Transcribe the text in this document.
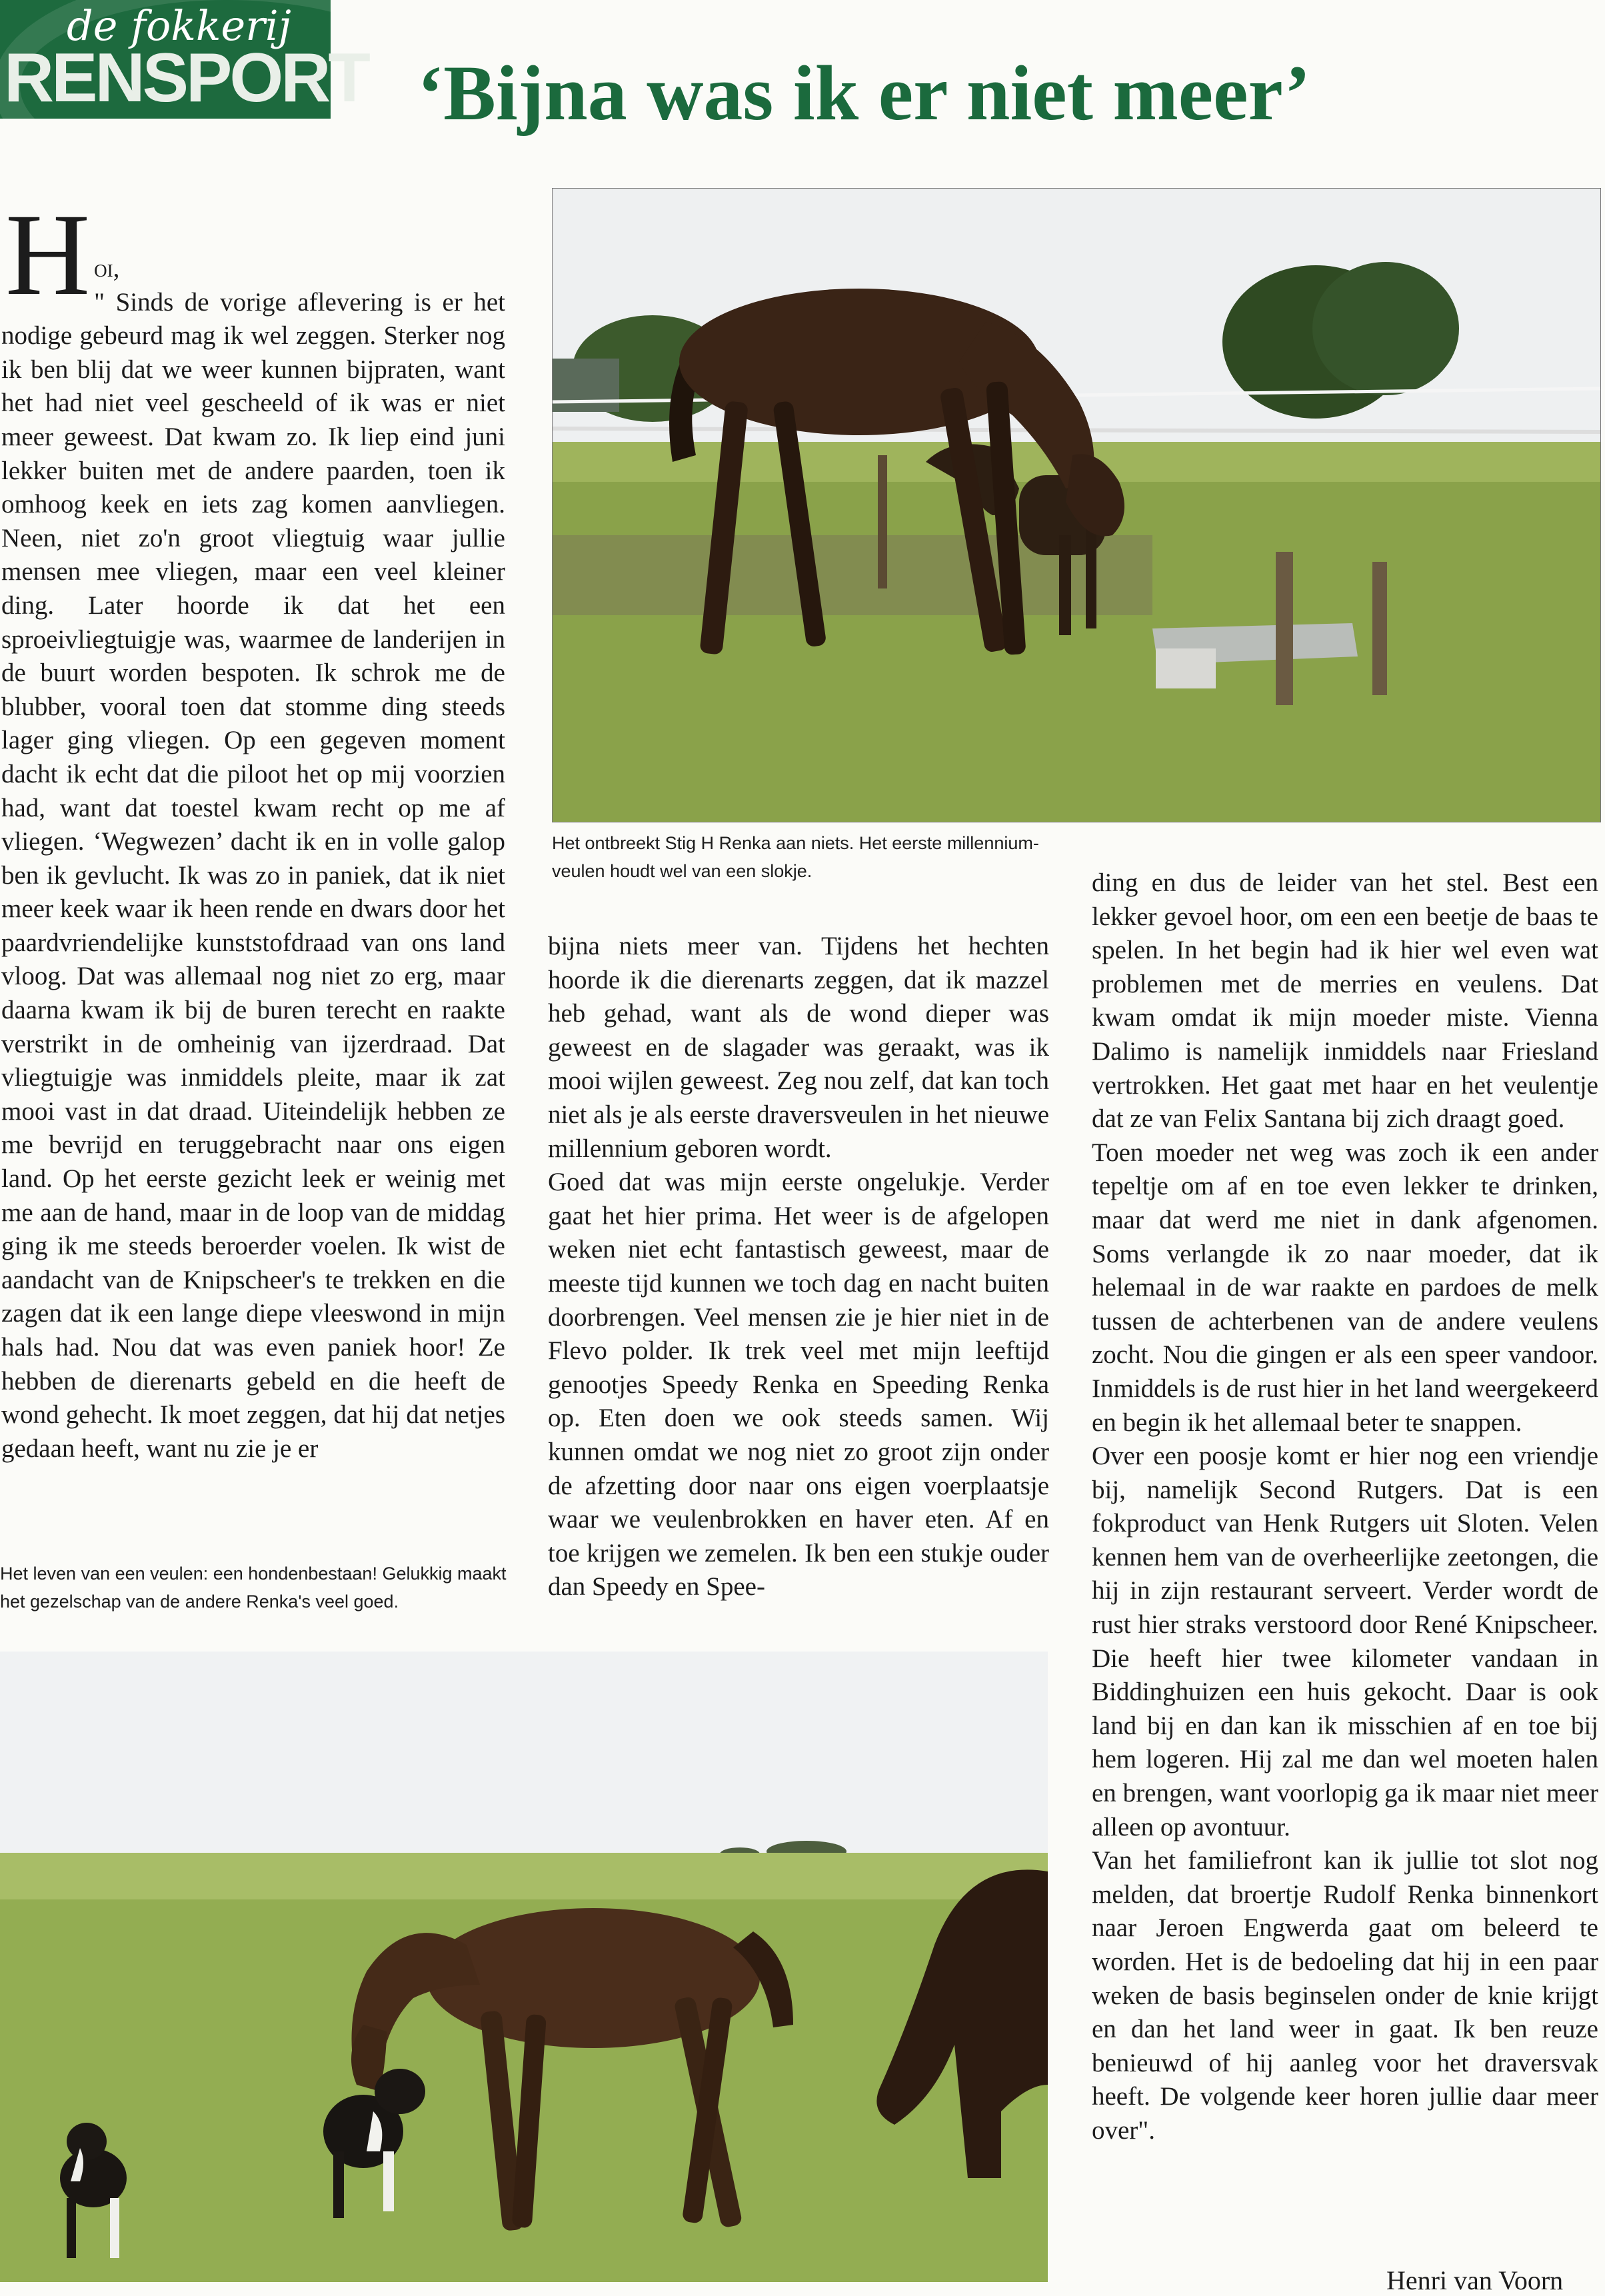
de fokkerij
RENSPORT ‘Bijna was ik er niet meer’
Het ontbreekt Stig H Renka aan niets. Het eerste millennium-veulen houdt wel van een slokje.
H oi,

" Sinds de vorige aflevering is er het nodige gebeurd mag ik wel zeggen. Sterker nog ik ben blij dat we weer kunnen bijpraten, want het had niet veel gescheeld of ik was er niet meer geweest. Dat kwam zo. Ik liep eind juni lekker buiten met de andere paarden, toen ik omhoog keek en iets zag komen aanvliegen. Neen, niet zo'n groot vliegtuig waar jullie mensen mee vliegen, maar een veel kleiner ding. Later hoorde ik dat het een sproeivliegtuigje was, waarmee de landerijen in de buurt worden bespoten. Ik schrok me de blubber, vooral toen dat stomme ding steeds lager ging vliegen. Op een gegeven moment dacht ik echt dat die piloot het op mij voorzien had, want dat toestel kwam recht op me af vliegen. ‘Wegwezen’ dacht ik en in volle galop ben ik gevlucht. Ik was zo in paniek, dat ik niet meer keek waar ik heen rende en dwars door het paardvriendelijke kunststofdraad van ons land vloog. Dat was allemaal nog niet zo erg, maar daarna kwam ik bij de buren terecht en raakte verstrikt in de omheinig van ijzerdraad. Dat vliegtuigje was inmiddels pleite, maar ik zat mooi vast in dat draad. Uiteindelijk hebben ze me bevrijd en teruggebracht naar ons eigen land. Op het eerste gezicht leek er weinig met me aan de hand, maar in de loop van de middag ging ik me steeds beroerder voelen. Ik wist de aandacht van de Knipscheer's te trekken en die zagen dat ik een lange diepe vleeswond in mijn hals had. Nou dat was even paniek hoor! Ze hebben de dierenarts gebeld en die heeft de wond gehecht. Ik moet zeggen, dat hij dat netjes gedaan heeft, want nu zie je er

Het leven van een veulen: een hondenbestaan! Gelukkig maakt het gezelschap van de andere Renka's veel goed.

bijna niets meer van. Tijdens het hechten hoorde ik die dierenarts zeggen, dat ik mazzel heb gehad, want als de wond dieper was geweest en de slagader was geraakt, was ik mooi wijlen geweest. Zeg nou zelf, dat kan toch niet als je als eerste draversveulen in het nieuwe millennium geboren wordt.

Goed dat was mijn eerste ongelukje. Verder gaat het hier prima. Het weer is de afgelopen weken niet echt fantastisch geweest, maar de meeste tijd kunnen we toch dag en nacht buiten doorbrengen. Veel mensen zie je hier niet in de Flevo polder. Ik trek veel met mijn leeftijd genootjes Speedy Renka en Speeding Renka op. Eten doen we ook steeds samen. Wij kunnen omdat we nog niet zo groot zijn onder de afzetting door naar ons eigen voerplaatsje waar we veulenbrokken en haver eten. Af en toe krijgen we zemelen. Ik ben een stukje ouder dan Speedy en Spee-

ding en dus de leider van het stel. Best een lekker gevoel hoor, om een een beetje de baas te spelen. In het begin had ik hier wel even wat problemen met de merries en veulens. Dat kwam omdat ik mijn moeder miste. Vienna Dalimo is namelijk inmiddels naar Friesland vertrokken. Het gaat met haar en het veulentje dat ze van Felix Santana bij zich draagt goed.

Toen moeder net weg was zoch ik een ander tepeltje om af en toe even lekker te drinken, maar dat werd me niet in dank afgenomen. Soms verlangde ik zo naar moeder, dat ik helemaal in de war raakte en pardoes de melk tussen de achterbenen van de andere veulens zocht. Nou die gingen er als een speer vandoor. Inmiddels is de rust hier in het land weergekeerd en begin ik het allemaal beter te snappen.

Over een poosje komt er hier nog een vriendje bij, namelijk Second Rutgers. Dat is een fokproduct van Henk Rutgers uit Sloten. Velen kennen hem van de overheerlijke zeetongen, die hij in zijn restaurant serveert. Verder wordt de rust hier straks verstoord door René Knipscheer. Die heeft hier twee kilometer vandaan in Biddinghuizen een huis gekocht. Daar is ook land bij en dan kan ik misschien af en toe bij hem logeren. Hij zal me dan wel moeten halen en brengen, want voorlopig ga ik maar niet meer alleen op avontuur.

Van het familiefront kan ik jullie tot slot nog melden, dat broertje Rudolf Renka binnenkort naar Jeroen Engwerda gaat om beleerd te worden. Het is de bedoeling dat hij in een paar weken de basis beginselen onder de knie krijgt en dan het land weer in gaat. Ik ben reuze benieuwd of hij aanleg voor het draversvak heeft. De volgende keer horen jullie daar meer over".

Henri van Voorn
